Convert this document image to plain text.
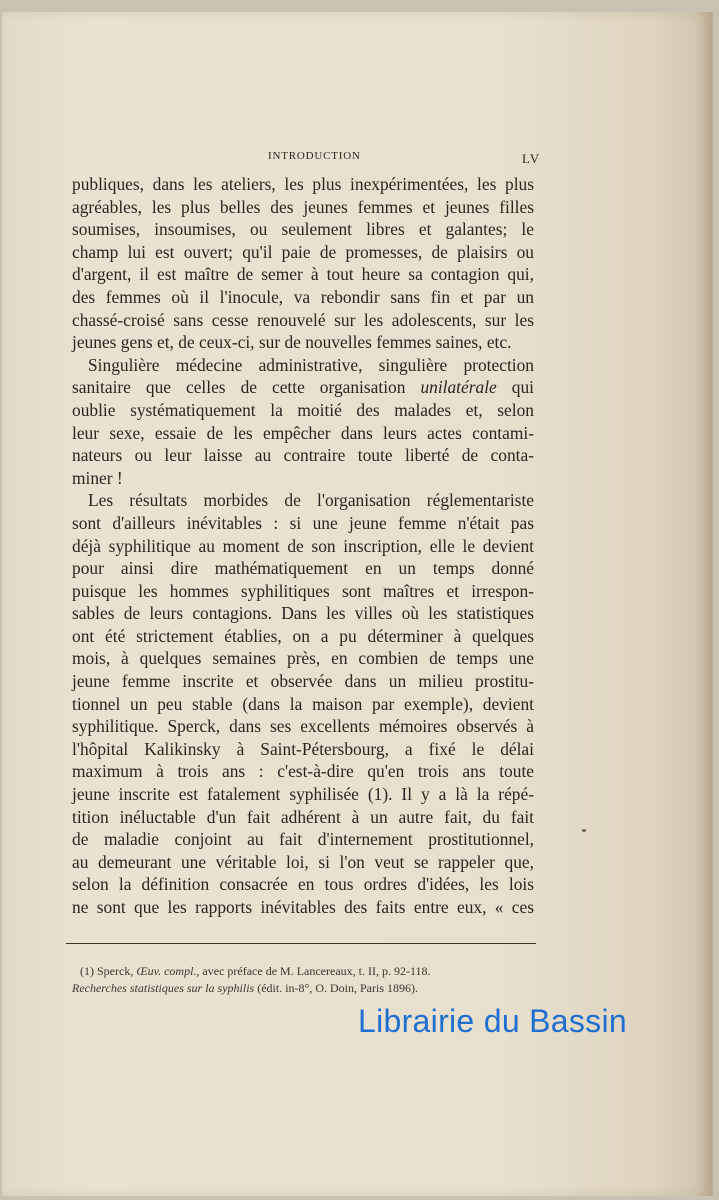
INTRODUCTION	LV
publiques, dans les ateliers, les plus inexpérimentées, les plus
agréables, les plus belles des jeunes femmes et jeunes filles
soumises, insoumises, ou seulement libres et galantes; le
champ lui est ouvert; qu'il paie de promesses, de plaisirs ou
d'argent, il est maître de semer à tout heure sa contagion qui,
des femmes où il l'inocule, va rebondir sans fin et par un
chassé-croisé sans cesse renouvelé sur les adolescents, sur les
jeunes gens et, de ceux-ci, sur de nouvelles femmes saines, etc.
Singulière médecine administrative, singulière protection
sanitaire que celles de cette organisation unilatérale qui
oublie systématiquement la moitié des malades et, selon
leur sexe, essaie de les empêcher dans leurs actes contami-
nateurs ou leur laisse au contraire toute liberté de conta-
miner !
Les résultats morbides de l'organisation réglementariste
sont d'ailleurs inévitables : si une jeune femme n'était pas
déjà syphilitique au moment de son inscription, elle le devient
pour ainsi dire mathématiquement en un temps donné
puisque les hommes syphilitiques sont maîtres et irrespon-
sables de leurs contagions. Dans les villes où les statistiques
ont été strictement établies, on a pu déterminer à quelques
mois, à quelques semaines près, en combien de temps une
jeune femme inscrite et observée dans un milieu prostitu-
tionnel un peu stable (dans la maison par exemple), devient
syphilitique. Sperck, dans ses excellents mémoires observés à
l'hôpital Kalikinsky à Saint-Pétersbourg, a fixé le délai
maximum à trois ans : c'est-à-dire qu'en trois ans toute
jeune inscrite est fatalement syphilisée (1). Il y a là la répé-
tition inéluctable d'un fait adhérent à un autre fait, du fait
de maladie conjoint au fait d'internement prostitutionnel,
au demeurant une véritable loi, si l'on veut se rappeler que,
selon la définition consacrée en tous ordres d'idées, les lois
ne sont que les rapports inévitables des faits entre eux, « ces
(1) Sperck, Œuv. compl., avec préface de M. Lancereaux, t. II, p. 92-118.
Recherches statistiques sur la syphilis (édit. in-8°, O. Doin, Paris 1896).
Librairie du Bassin
